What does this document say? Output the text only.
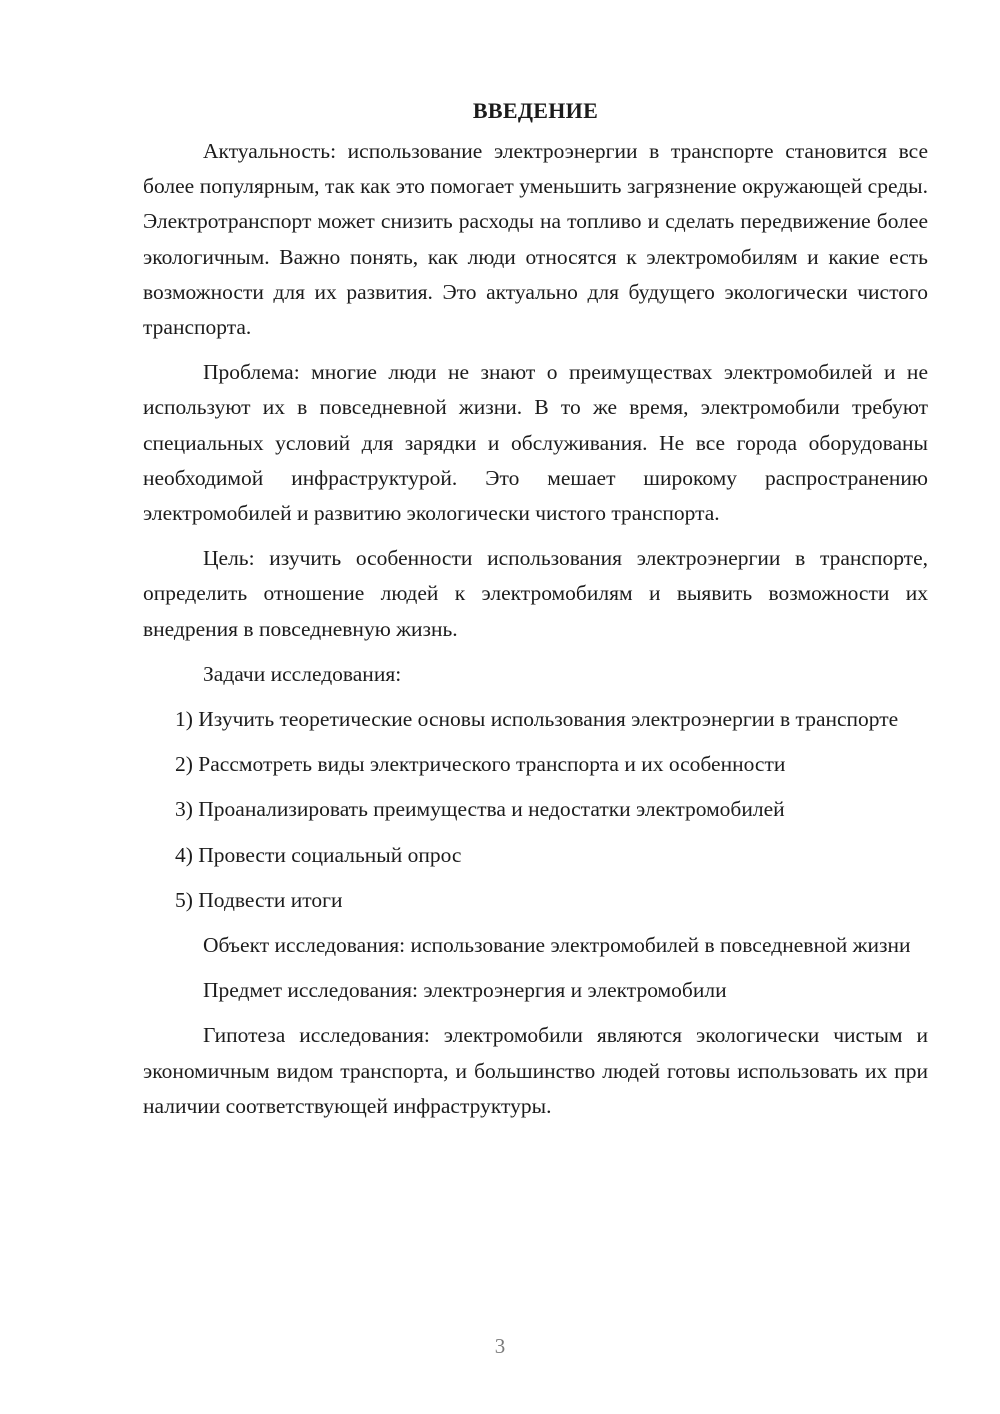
ВВЕДЕНИЕ

Актуальность: использование электроэнергии в транспорте становится все более популярным, так как это помогает уменьшить загрязнение окружающей среды. Электротранспорт может снизить расходы на топливо и сделать передвижение более экологичным. Важно понять, как люди относятся к электромобилям и какие есть возможности для их развития. Это актуально для будущего экологически чистого транспорта.

Проблема: многие люди не знают о преимуществах электромобилей и не используют их в повседневной жизни. В то же время, электромобили требуют специальных условий для зарядки и обслуживания. Не все города оборудованы необходимой инфраструктурой. Это мешает широкому распространению электромобилей и развитию экологически чистого транспорта.

Цель: изучить особенности использования электроэнергии в транспорте, определить отношение людей к электромобилям и выявить возможности их внедрения в повседневную жизнь.

Задачи исследования:

1) Изучить теоретические основы использования электроэнергии в транспорте

2) Рассмотреть виды электрического транспорта и их особенности

3) Проанализировать преимущества и недостатки электромобилей

4) Провести социальный опрос

5) Подвести итоги

Объект исследования: использование электромобилей в повседневной жизни

Предмет исследования: электроэнергия и электромобили

Гипотеза исследования: электромобили являются экологически чистым и экономичным видом транспорта, и большинство людей готовы использовать их при наличии соответствующей инфраструктуры.

3
